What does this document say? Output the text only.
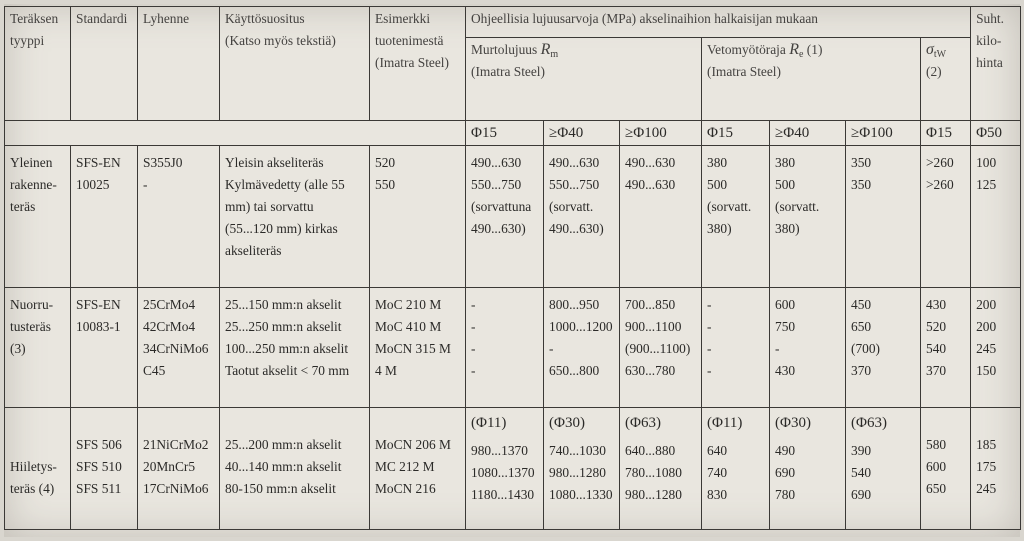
Teräksen
tyyppi	Standardi	Lyhenne	Käyttösuositus
(Katso myös tekstiä)	Esimerkki
tuotenimestä
(Imatra Steel)	Ohjeellisia lujuusarvoja (MPa) akselinaihion halkaisijan mukaan							Suht.
kilo-
hinta

					Murtolujuus $R_m$
(Imatra Steel)			Vetomyötöraja $R_e$ (1)
(Imatra Steel)			$\sigma_{tW}$
(2)	

					Φ15	≥Φ40	≥Φ100	Φ15	≥Φ40	≥Φ100	Φ15	Φ50

Yleinen
rakenne-
teräs	SFS-EN
10025	S355J0
-	Yleisin akseliteräs
Kylmävedetty (alle 55
mm) tai sorvattu
(55...120 mm) kirkas
akseliteräs	520
550	490...630
550...750
(sorvattuna
490...630)	490...630
550...750
(sorvatt.
490...630)	490...630
490...630	380
500
(sorvatt.
380)	380
500
(sorvatt.
380)	350
350	>260
>260	100
125

Nuorru-
tusteräs
(3)	SFS-EN
10083-1	25CrMo4
42CrMo4
34CrNiMo6
C45	25...150 mm:n akselit
25...250 mm:n akselit
100...250 mm:n akselit
Taotut akselit < 70 mm	MoC 210 M
MoC 410 M
MoCN 315 M
4 M	-
-
-
-	800...950
1000...1200
-
650...800	700...850
900...1100
(900...1100)
630...780	-
-
-
-	600
750
-
430	450
650
(700)
370	430
520
540
370	200
200
245
150

Hiiletys-
teräs (4)	SFS 506
SFS 510
SFS 511	21NiCrMo2
20MnCr5
17CrNiMo6	25...200 mm:n akselit
40...140 mm:n akselit
80-150 mm:n akselit	MoCN 206 M
MC 212 M
MoCN 216	(Φ11)
980...1370
1080...1370
1180...1430	(Φ30)
740...1030
980...1280
1080...1330	(Φ63)
640...880
780...1080
980...1280	(Φ11)
640
740
830	(Φ30)
490
690
780	(Φ63)
390
540
690	580
600
650	185
175
245
